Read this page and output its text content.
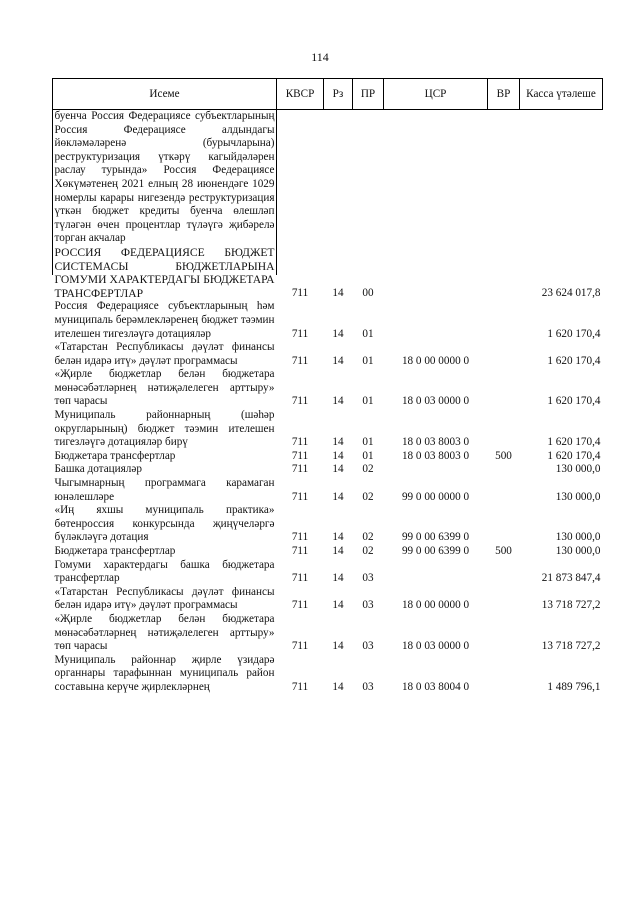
114
Исеме	КВСР	Рз	ПР	ЦСР	ВР	Касса үтәлеше
буенча Россия Федерациясе субъектларының Россия Федерациясе алдындагы йөкләмәләренә (бурычларына) реструктуризация үткәрү кагыйдәләрен раслау турында» Россия Федерациясе Хөкүмәтенең 2021 елның 28 июнендәге 1029 номерлы карары нигезендә реструктуризация үткән бюджет кредиты буенча өлешләп түләгән өчен процентлар түләүгә җибәрелә торган акчалар						
РОССИЯ ФЕДЕРАЦИЯСЕ БЮДЖЕТ СИСТЕМАСЫ БЮДЖЕТЛАРЫНА ГОМУМИ ХАРАКТЕРДАГЫ БЮДЖЕТАРА ТРАНСФЕРТЛАР	711	14	00			23 624 017,8
Россия Федерациясе субъектларының һәм муниципаль берәмлекләренең бюджет тәэмин ителешен тигезләүгә дотацияләр	711	14	01			1 620 170,4
«Татарстан Республикасы дәүләт финансы белән идарә итү» дәүләт программасы	711	14	01	18 0 00 0000 0		1 620 170,4
«Җирле бюджетлар белән бюджетара мөнәсәбәтләрнең нәтиҗәлелеген арттыру» төп чарасы	711	14	01	18 0 03 0000 0		1 620 170,4
Муниципаль районнарның (шәһәр округларының) бюджет тәэмин ителешен тигезләүгә дотацияләр бирү	711	14	01	18 0 03 8003 0		1 620 170,4
Бюджетара трансфертлар	711	14	01	18 0 03 8003 0	500	1 620 170,4
Башка дотацияләр	711	14	02			130 000,0
Чыгымнарның программага карамаган юнәлешләре	711	14	02	99 0 00 0000 0		130 000,0
«Иң яхшы муниципаль практика» бөтенроссия конкурсында җиңүчеләргә бүләкләүгә дотация	711	14	02	99 0 00 6399 0		130 000,0
Бюджетара трансфертлар	711	14	02	99 0 00 6399 0	500	130 000,0
Гомуми характердагы башка бюджетара трансфертлар	711	14	03			21 873 847,4
«Татарстан Республикасы дәүләт финансы белән идарә итү» дәүләт программасы	711	14	03	18 0 00 0000 0		13 718 727,2
«Җирле бюджетлар белән бюджетара мөнәсәбәтләрнең нәтиҗәлелеген арттыру» төп чарасы	711	14	03	18 0 03 0000 0		13 718 727,2
Муниципаль районнар җирле үзидарә органнары тарафыннан муниципаль район составына керүче җирлекләрнең	711	14	03	18 0 03 8004 0		1 489 796,1
